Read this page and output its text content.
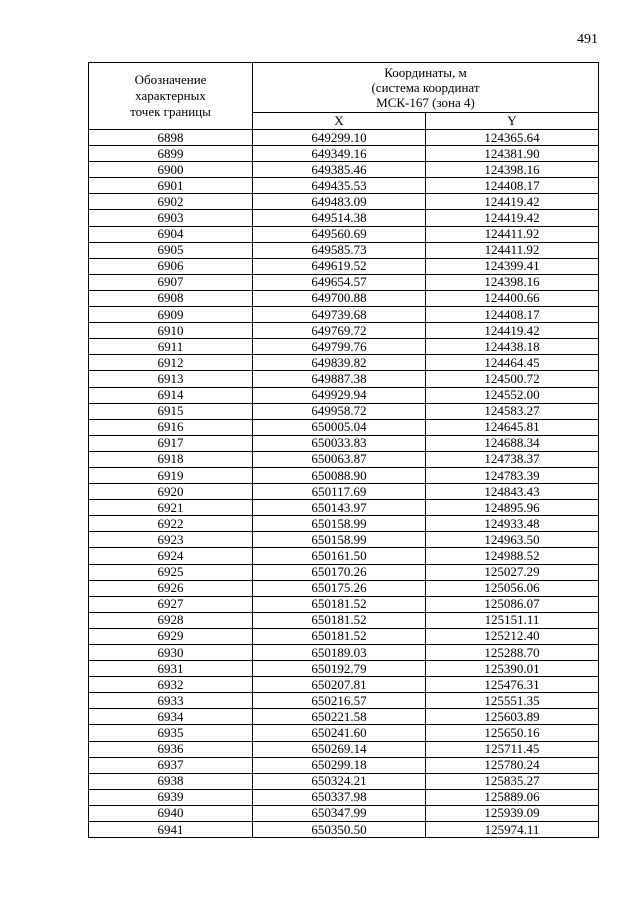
491
Обозначение
характерных
точек границы	Координаты, м
(система координат
МСК-167 (зона 4)	
	X	Y
6898	649299.10	124365.64
6899	649349.16	124381.90
6900	649385.46	124398.16
6901	649435.53	124408.17
6902	649483.09	124419.42
6903	649514.38	124419.42
6904	649560.69	124411.92
6905	649585.73	124411.92
6906	649619.52	124399.41
6907	649654.57	124398.16
6908	649700.88	124400.66
6909	649739.68	124408.17
6910	649769.72	124419.42
6911	649799.76	124438.18
6912	649839.82	124464.45
6913	649887.38	124500.72
6914	649929.94	124552.00
6915	649958.72	124583.27
6916	650005.04	124645.81
6917	650033.83	124688.34
6918	650063.87	124738.37
6919	650088.90	124783.39
6920	650117.69	124843.43
6921	650143.97	124895.96
6922	650158.99	124933.48
6923	650158.99	124963.50
6924	650161.50	124988.52
6925	650170.26	125027.29
6926	650175.26	125056.06
6927	650181.52	125086.07
6928	650181.52	125151.11
6929	650181.52	125212.40
6930	650189.03	125288.70
6931	650192.79	125390.01
6932	650207.81	125476.31
6933	650216.57	125551.35
6934	650221.58	125603.89
6935	650241.60	125650.16
6936	650269.14	125711.45
6937	650299.18	125780.24
6938	650324.21	125835.27
6939	650337.98	125889.06
6940	650347.99	125939.09
6941	650350.50	125974.11
